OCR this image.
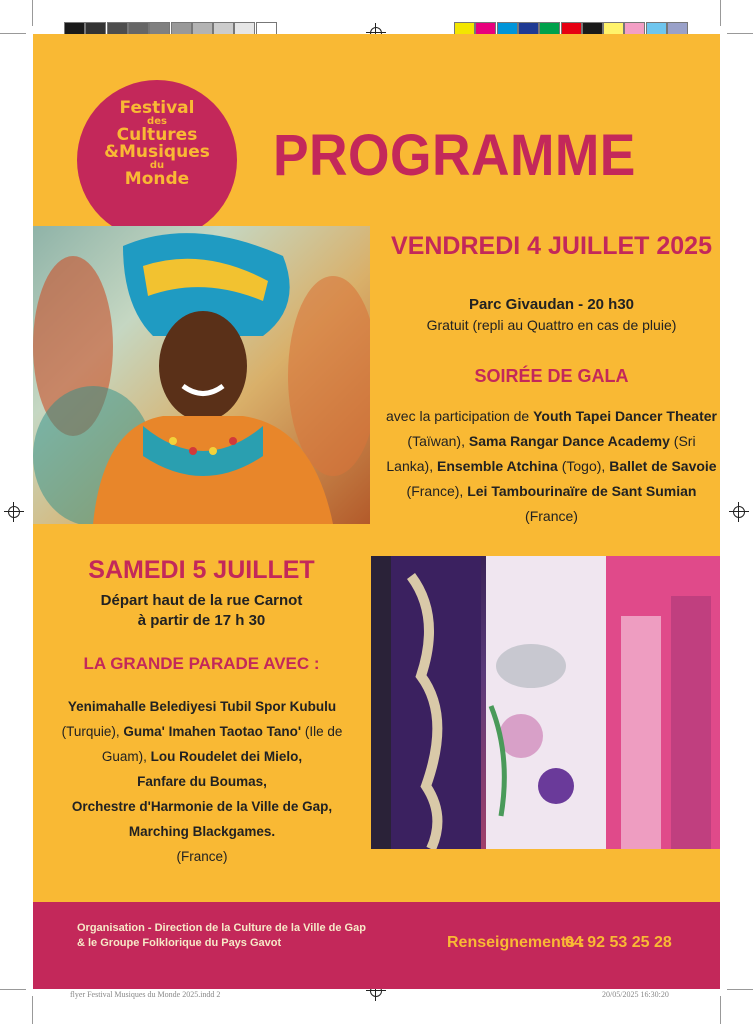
Festival
des
Cultures
&Musiques
du
Monde	PROGRAMME
VENDREDI 4 JUILLET 2025
Parc Givaudan - 20 h30
Gratuit (repli au Quattro en cas de pluie)
SOIRÉE DE GALA
avec la participation de Youth Tapei Dancer Theater (Taïwan), Sama Rangar Dance Academy (Sri Lanka), Ensemble Atchina (Togo), Ballet de Savoie (France), Lei Tambourinaïre de Sant Sumian (France)
SAMEDI 5 JUILLET
Départ haut de la rue Carnot
à partir de 17 h 30
LA GRANDE PARADE AVEC :
Yenimahalle Belediyesi Tubil Spor Kubulu (Turquie), Guma' Imahen Taotao Tano' (Ile de Guam), Lou Roudelet dei Mielo,
Fanfare du Boumas,
Orchestre d'Harmonie de la Ville de Gap,
Marching Blackgames.
(France)
Organisation - Direction de la Culture de la Ville de Gap
& le Groupe Folklorique du Pays Gavot	Renseignements :
04 92 53 25 28
flyer Festival Musiques du Monde 2025.indd 2	20/05/2025 16:30:20
